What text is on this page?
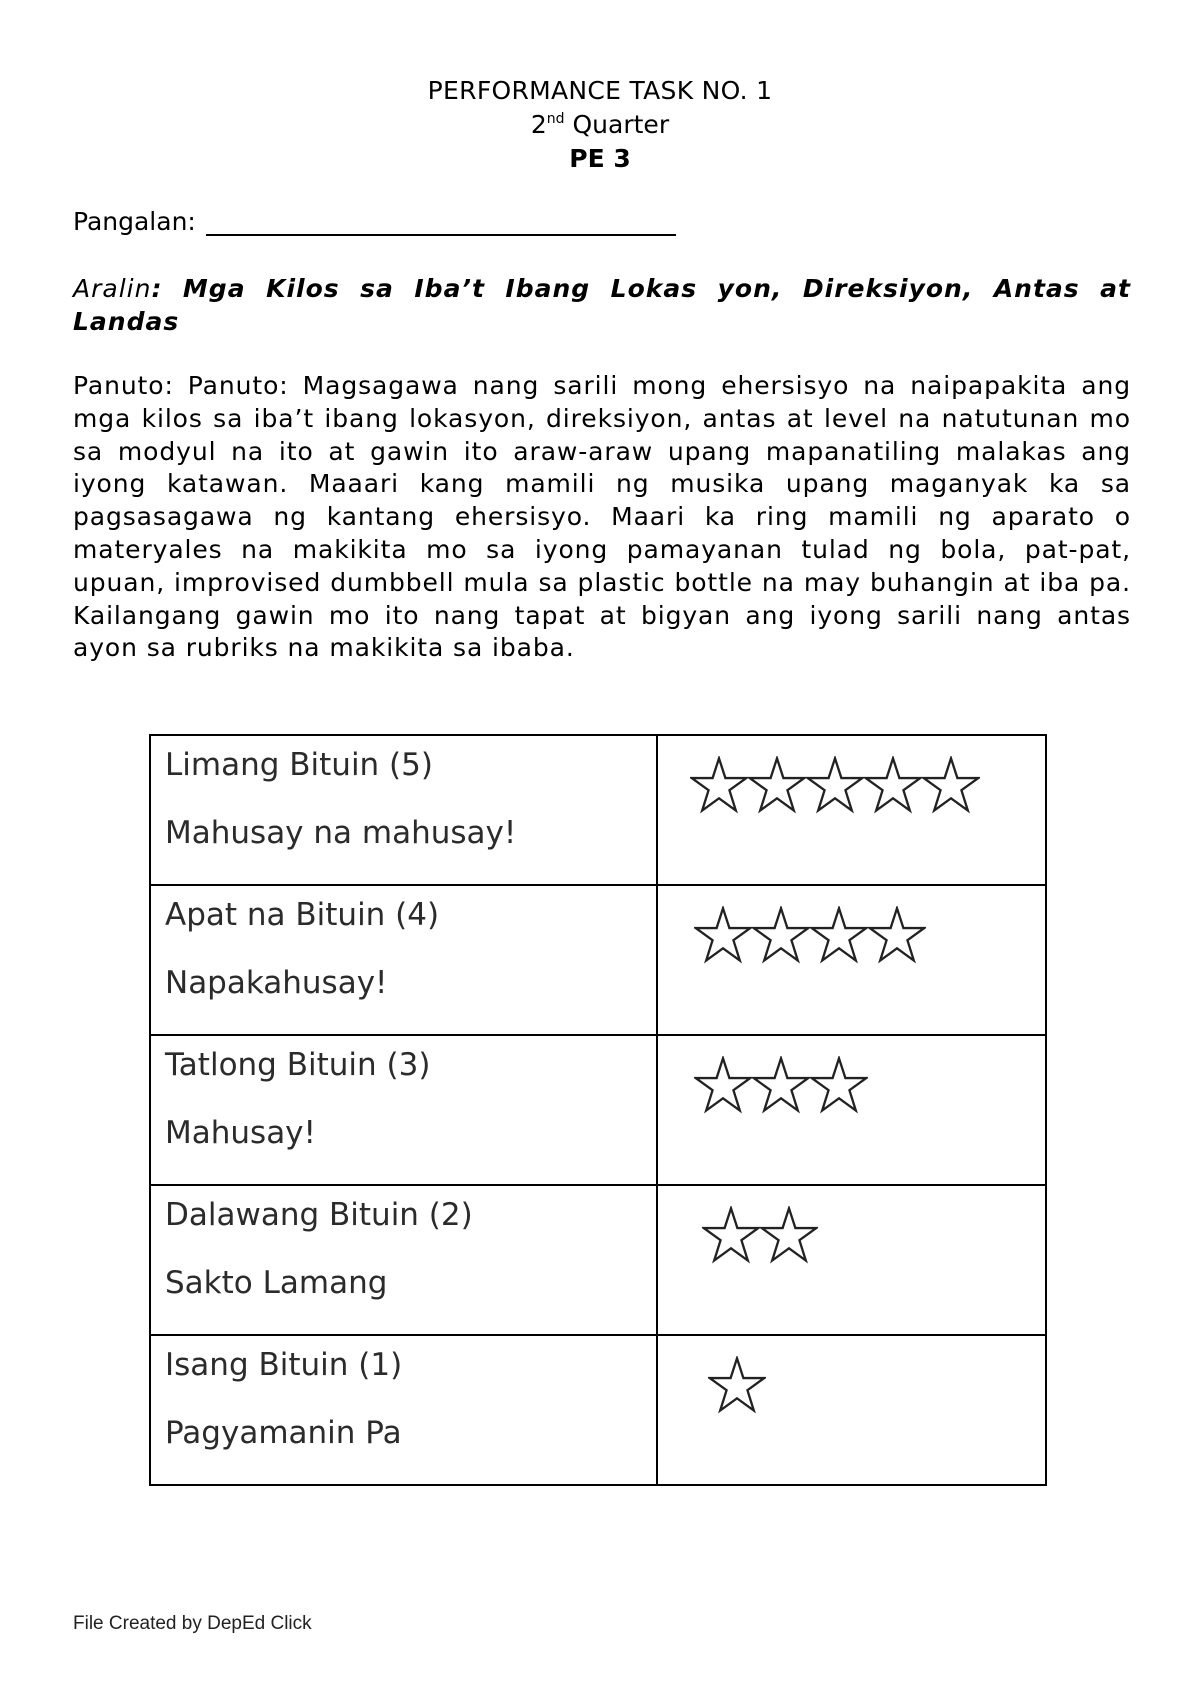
PERFORMANCE TASK NO. 1
2nd Quarter
PE 3
Pangalan:
Aralin: Mga Kilos sa Iba’t Ibang Lokas yon, Direksiyon, Antas at Landas
Panuto: Panuto: Magsagawa nang sarili mong ehersisyo na naipapakita ang mga kilos sa iba’t ibang lokasyon, direksiyon, antas at level na natutunan mo sa modyul na ito at gawin ito araw-araw upang mapanatiling malakas ang iyong katawan. Maaari kang mamili ng musika upang maganyak ka sa pagsasagawa ng kantang ehersisyo. Maari ka ring mamili ng aparato o materyales na makikita mo sa iyong pamayanan tulad ng bola, pat-pat, upuan, improvised dumbbell mula sa plastic bottle na may buhangin at iba pa. Kailangang gawin mo ito nang tapat at bigyan ang iyong sarili nang antas ayon sa rubriks na makikita sa ibaba.
Limang Bituin (5)
Mahusay na mahusay!

Apat na Bituin (4)
Napakahusay!

Tatlong Bituin (3)
Mahusay!

Dalawang Bituin (2)
Sakto Lamang

Isang Bituin (1)
Pagyamanin Pa

File Created by DepEd Click
